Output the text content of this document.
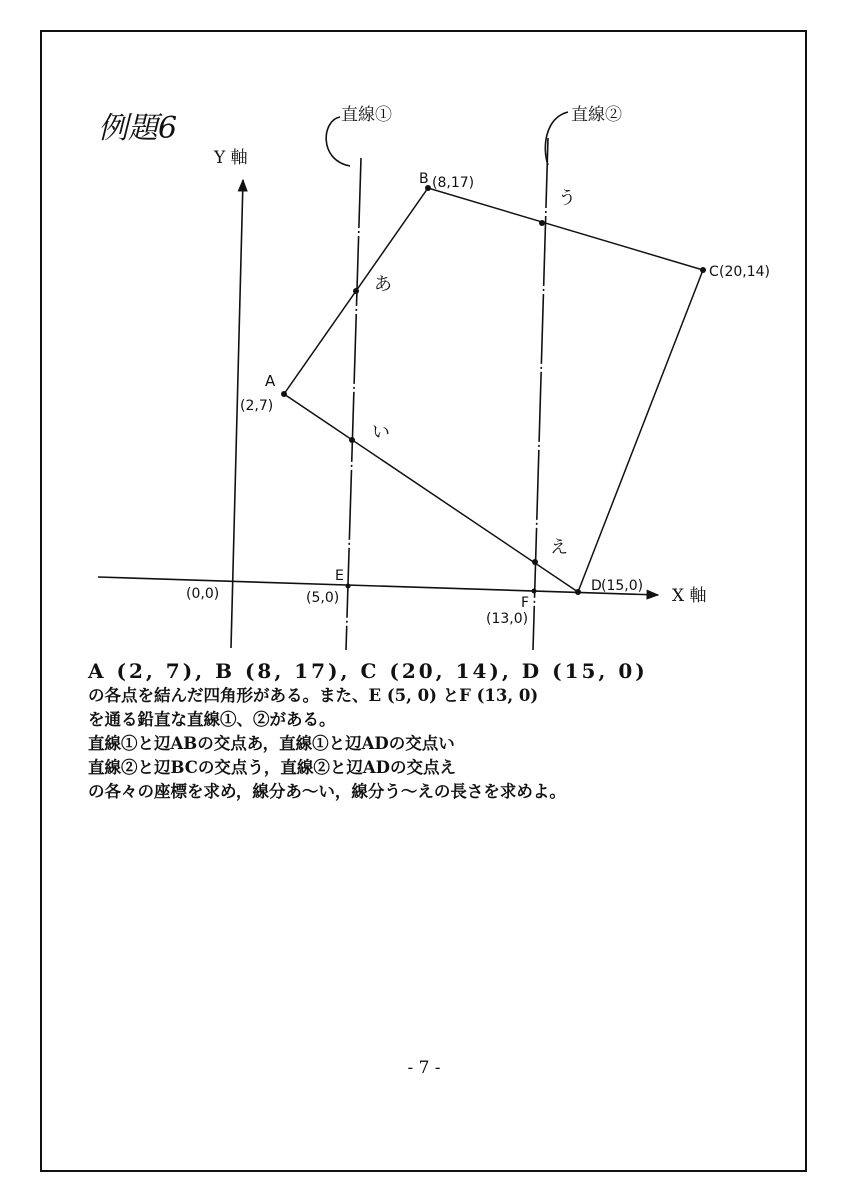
例題6
Y 軸
X 軸
直線①	直線②
B (8,17)
C (20,14)
A
(2,7)
D (15,0)
E
(5,0)	F
(13,0)
(0,0)
あ
い
う
え

A (2, 7), B (8, 17), C (20, 14), D (15, 0)

の各点を結んだ四角形がある。また、E (5, 0) とF (13, 0)

を通る鉛直な直線①、②がある。

直線①と辺ABの交点あ，直線①と辺ADの交点い

直線②と辺BCの交点う，直線②と辺ADの交点え

の各々の座標を求め，線分あ～い，線分う～えの長さを求めよ。

- 7 -
